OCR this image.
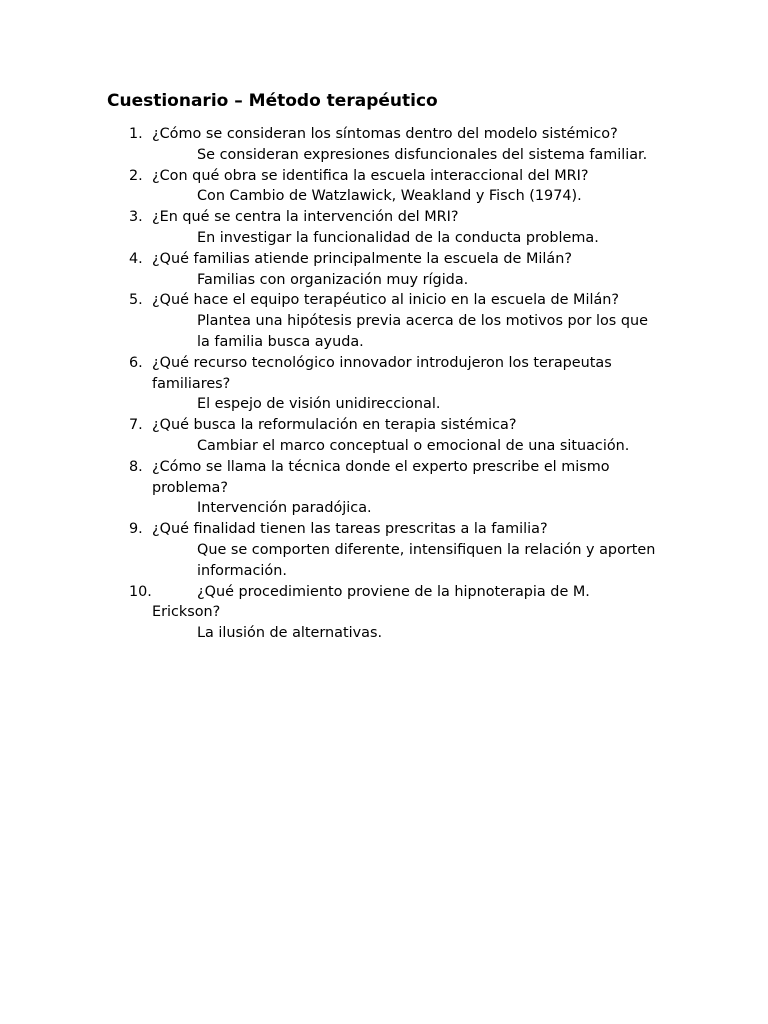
Cuestionario – Método terapéutico
1. ¿Cómo se consideran los síntomas dentro del modelo sistémico?
Se consideran expresiones disfuncionales del sistema familiar.
2. ¿Con qué obra se identifica la escuela interaccional del MRI?
Con Cambio de Watzlawick, Weakland y Fisch (1974).
3. ¿En qué se centra la intervención del MRI?
En investigar la funcionalidad de la conducta problema.
4. ¿Qué familias atiende principalmente la escuela de Milán?
Familias con organización muy rígida.
5. ¿Qué hace el equipo terapéutico al inicio en la escuela de Milán?
Plantea una hipótesis previa acerca de los motivos por los que la familia busca ayuda.
6. ¿Qué recurso tecnológico innovador introdujeron los terapeutas familiares?
El espejo de visión unidireccional.
7. ¿Qué busca la reformulación en terapia sistémica?
Cambiar el marco conceptual o emocional de una situación.
8. ¿Cómo se llama la técnica donde el experto prescribe el mismo problema?
Intervención paradójica.
9. ¿Qué finalidad tienen las tareas prescritas a la familia?
Que se comporten diferente, intensifiquen la relación y aporten información.
10.	¿Qué procedimiento proviene de la hipnoterapia de M. Erickson?
La ilusión de alternativas.
